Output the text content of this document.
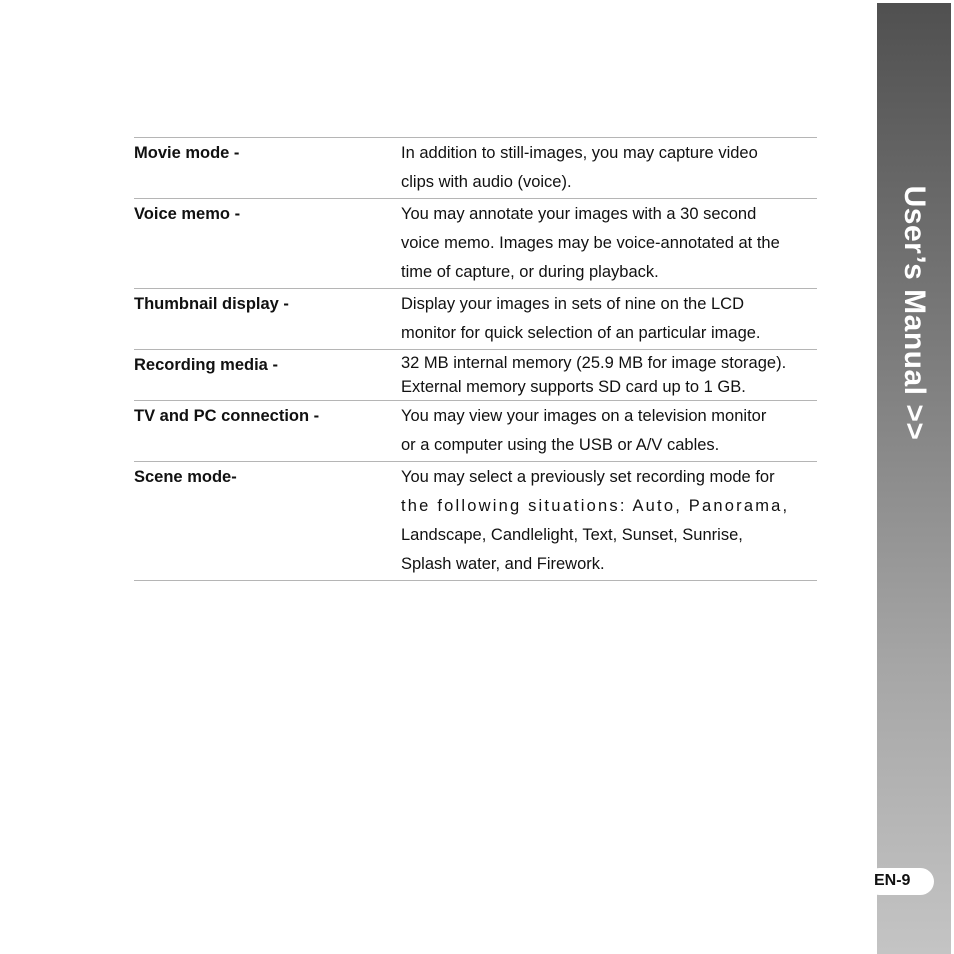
Movie mode -	In addition to still-images, you may capture video
clips with audio (voice).
Voice memo -	You may annotate your images with a 30 second
voice memo. Images may be voice-annotated at the
time of capture, or during playback.
Thumbnail display -	Display your images in sets of nine on the LCD
monitor for quick selection of an particular image.
Recording media -	32 MB internal memory (25.9 MB for image storage).
External memory supports SD card up to 1 GB.
TV and PC connection -	You may view your images on a television monitor
or a computer using the USB or A/V cables.
Scene mode-	You may select a previously set recording mode for
the following situations: Auto, Panorama,
Landscape, Candlelight, Text, Sunset, Sunrise,
Splash water, and Firework.
User’s Manual >>
EN-9
